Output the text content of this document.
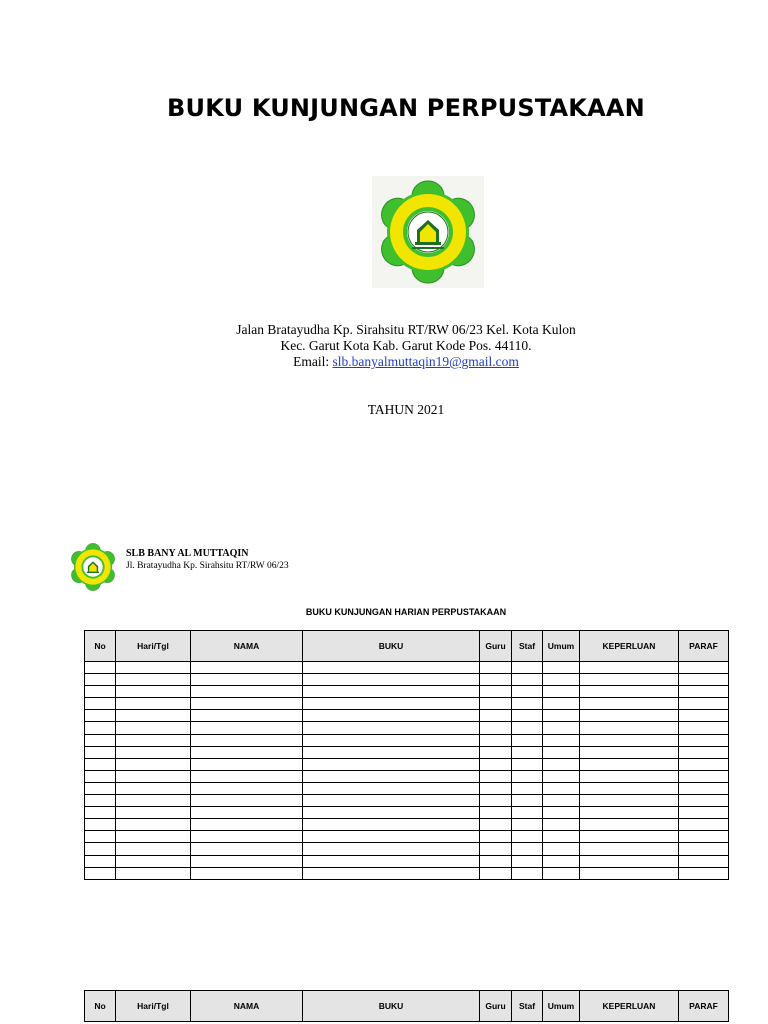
BUKU KUNJUNGAN PERPUSTAKAAN
Jalan Bratayudha Kp. Sirahsitu RT/RW 06/23 Kel. Kota Kulon
Kec. Garut Kota Kab. Garut Kode Pos. 44110.
Email: slb.banyalmuttaqin19@gmail.com
TAHUN 2021
SLB BANY AL MUTTAQIN
Jl. Bratayudha Kp. Sirahsitu RT/RW 06/23
BUKU KUNJUNGAN HARIAN PERPUSTAKAAN
No	Hari/Tgl	NAMA	BUKU	Guru	Staf	Umum	KEPERLUAN	PARAF

No	Hari/Tgl	NAMA	BUKU	Guru	Staf	Umum	KEPERLUAN	PARAF
